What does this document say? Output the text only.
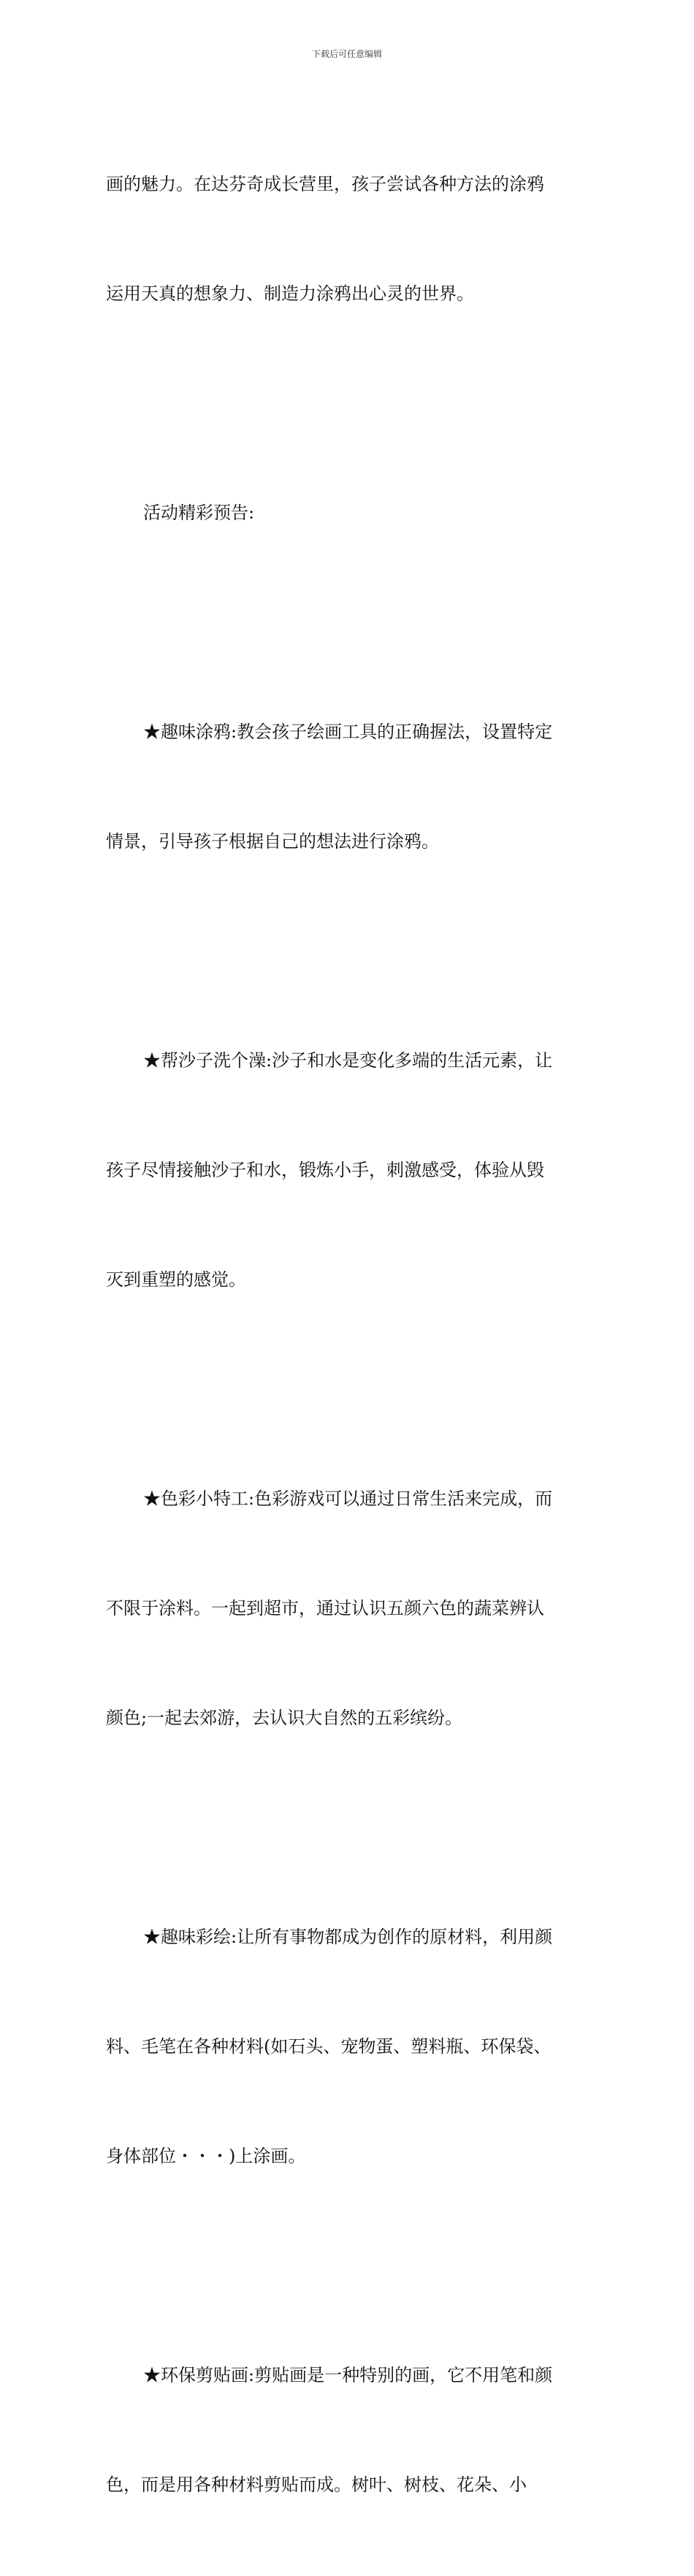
下载后可任意编辑

画的魅力。在达芬奇成长营里，孩子尝试各种方法的涂鸦

运用天真的想象力、制造力涂鸦出心灵的世界。

活动精彩预告:

★趣味涂鸦:教会孩子绘画工具的正确握法，设置特定

情景，引导孩子根据自己的想法进行涂鸦。

★帮沙子洗个澡:沙子和水是变化多端的生活元素，让

孩子尽情接触沙子和水，锻炼小手，刺激感受，体验从毁

灭到重塑的感觉。

★色彩小特工:色彩游戏可以通过日常生活来完成，而

不限于涂料。一起到超市，通过认识五颜六色的蔬菜辨认

颜色;一起去郊游，去认识大自然的五彩缤纷。

★趣味彩绘:让所有事物都成为创作的原材料，利用颜

料、毛笔在各种材料(如石头、宠物蛋、塑料瓶、环保袋、

身体部位・・・)上涂画。

★环保剪贴画:剪贴画是一种特别的画，它不用笔和颜

色，而是用各种材料剪贴而成。树叶、树枝、花朵、小
